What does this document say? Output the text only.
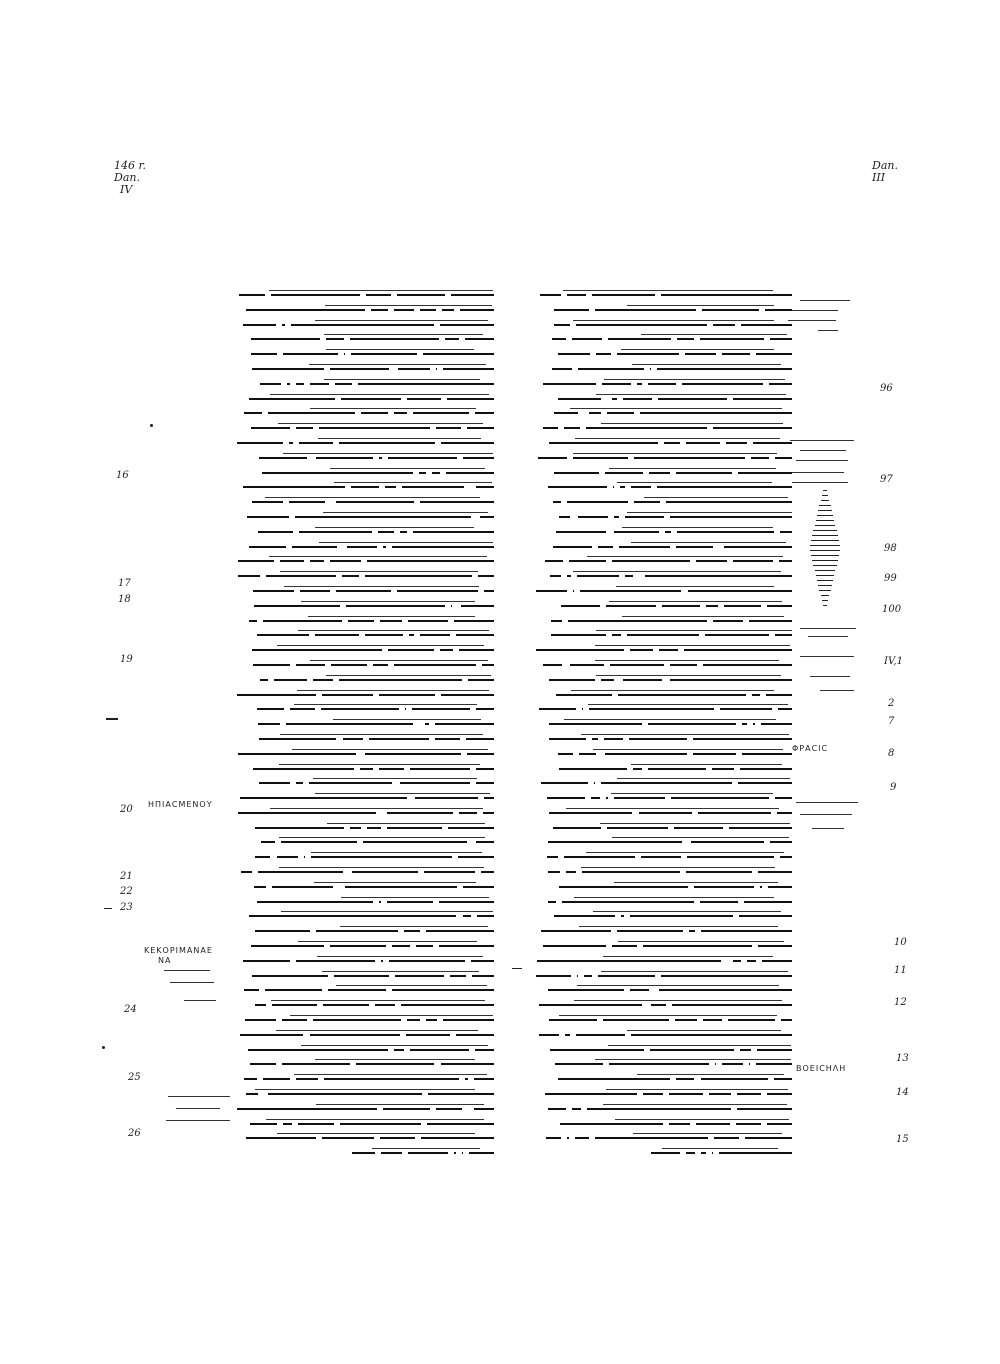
146 r.
Dan.
IV
Dan.
III
16
17
18
19
20
21
22
23
24
25
26
96
97
98
99
100
IV,1
2
7
8
9
10
11
12
13
14
15
ΗΠΙΑCΜΕΝΟΥ
ΚΕΚΟΡΙΜΑΝΑΕ
ΝΑ
ΦΡΑCΙC
ΒΟΕΙCΗΛΗ
